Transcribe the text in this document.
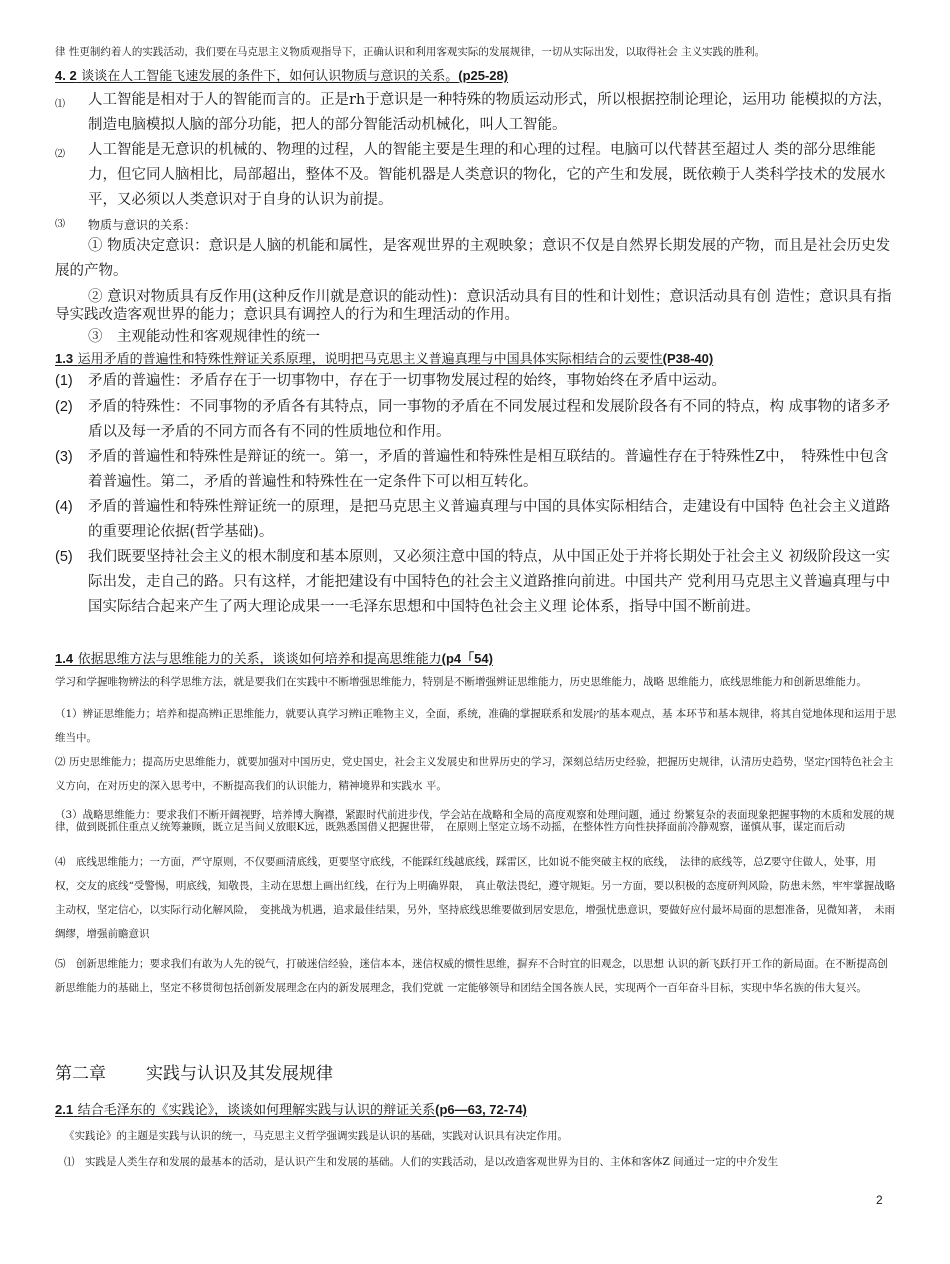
律 性更制约着人的实践活动，我们要在马克思主义物质观指导下，正确认识和利用客观实际的发展规律，一切从实际出发，以取得社会 主义实践的胜利。

4. 2 谈谈在人工智能飞速发展的条件下，如何认识物质与意识的关系。(p25-28)

⑴ 人工智能是相对于人的智能而言的。正是rh于意识是一种特殊的物质运动形式，所以根据控制论理论，运用功 能模拟的方法，制造电脑模拟人脑的部分功能，把人的部分智能活动机械化，叫人工智能。
⑵ 人工智能是无意识的机械的、物理的过程，人的智能主要是生理的和心理的过程。电脑可以代替甚至超过人 类的部分思维能力，但它同人脑相比，局部超出，整体不及。智能机器是人类意识的物化，它的产生和发展，既依赖于人类科学技术的发展水平，又必须以人类意识对于自身的认识为前提。
⑶ 物质与意识的关系：

① 物质决定意识：意识是人脑的机能和属性，是客观世界的主观映象；意识不仅是自然界长期发展的产物，而且是社会历史发展的产物。

② 意识对物质具有反作用(这种反作川就是意识的能动性)：意识活动具有目的性和计划性；意识活动具有创 造性；意识具有指导实践改造客观世界的能力；意识具有调控人的行为和生理活动的作用。

③　主观能动性和客观规律性的统一

1.3 运用矛盾的普遍性和特殊性辩证关系原理，说明把马克思主义普遍真理与中国具体实际相结合的云要性(P38-40)

(1) 矛盾的普遍性：矛盾存在于一切事物中，存在于一切事物发展过程的始终，事物始终在矛盾中运动。
(2) 矛盾的特殊性：不同事物的矛盾各有其特点，同一事物的矛盾在不同发展过程和发展阶段各有不同的特点，构 成事物的诸多矛盾以及每一矛盾的不同方而各有不同的性质地位和作用。
(3) 矛盾的普遍性和特殊性是辩证的统一。第一，矛盾的普遍性和特殊性是相互联结的。普遍性存在于特殊性Z中，　特殊性中包含着普遍性。第二，矛盾的普遍性和特殊性在一定条件下可以相互转化。
(4) 矛盾的普遍性和特殊性辩证统一的原理，是把马克思主义普遍真理与中国的具体实际相结合，走建设有中国特 色社会主义道路的重要理论依据(哲学基础)。
(5) 我们既要坚持社会主义的根木制度和基本原则，又必须注意中国的特点，从中国正处于并将长期处于社会主义 初级阶段这一实际出发，走自己的路。只有这样，才能把建设有中国特色的社会主义道路推向前进。中国共产 党利用马克思主义普遍真理与中国实际结合起来产生了两大理论成果一一毛泽东思想和中国特色社会主义理 论体系，指导中国不断前进。

1.4 依据思维方法与思维能力的关系，谈谈如何培养和提高思维能力(p4「54)

学习和学握唯物辨法的科学思维方法，就是要我们在实践中不断增强思维能力，特别是不断增强辨证思维能力，历史思维能力，战略 思维能力，底线思维能力和创新思维能力。

（1）辨证思维能力；培养和提高辨i正思维能力，就要认真学习辨i正唯物主义，全面，系统，准确的掌握联系和发展ץ的基本观点，基 本环节和基本规律，将其自觉地体现和运用于思维当中。

⑵ 历史思维能力；提高历史思维能力，就要加强对中国历史，党史国史，社会主义发展史和世界历史的学习，深刻总结历史经验，把握历史规律，认清历史趋势，坚定ץ国特色社会主义方向，在对历史的深入思考中，不断提高我们的认识能力，精神境界和实践水 平。

（3）战略思维能力：要求我们不断开阔视野，培养博大胸襟，紧跟时代前进步伐，学会站在战略和全局的高度观察和处理问题，通过 纷繁复杂的表面现象把握事物的木质和发展的规律，做到既抓住重点乂统筹兼顾，既立足当间乂放眼K远，既熟悉国借乂把握世带，　在原则上坚定立场不动摇，在整体性方向性抉择面前冷静观察，谨慎从事，谋定而后动

⑷　底线思维能力；一方面，严守原则，不仅要画清底线，更要坚守底线，不能踩红线越底线，踩雷区，比如说不能突破主权的底线，　法律的底线等，总Z要守住做人，处事，用权，交友的底线“受警惕，明底线，知敬畏，主动在思想上画出红线，在行为上明确界限，　真止敬法畏纪，遵守规矩。另一方面，要以积极的态度研判风险，防患未然，牢牢掌握战略主动权，坚定信心，以实际行动化解风险，　变挑战为机遇，追求最佳结果，另外，坚持底线思维要做到居安思危，增强忧患意识，要做好应付最坏局面的思想准备，见微知著，　未雨绸缪，增强前瞻意识

⑸　创新思维能力；要求我们有敢为人先的锐气，打破迷信经验，迷信本本，迷信权威的惯性思维，摒弃不合时宜的旧观念，以思想 认识的新飞跃打开工作的新局面。在不断提高创新思维能力的基础上，坚定不移贯彻包括创新发展理念在内的新发展理念，我们党就 一定能够领导和团结全国各族人民，实现两个一百年奋斗目标，实现中华名族的伟大复兴。

第二章 实践与认识及其发展规律

2.1 结合毛泽东的《实践论》，谈谈如何理解实践与认识的辩证关系(p6—63, 72-74)

《实践论》的主题是实践与认识的统一，马克思主义哲学强调实践是认识的基础，实践对认识具有决定作用。

⑴　实践是人类生存和发展的最基本的活动，是认识产生和发展的基础。人们的实践活动，是以改造客观世界为目的、主体和客体Z 间通过一定的中介发生

2
